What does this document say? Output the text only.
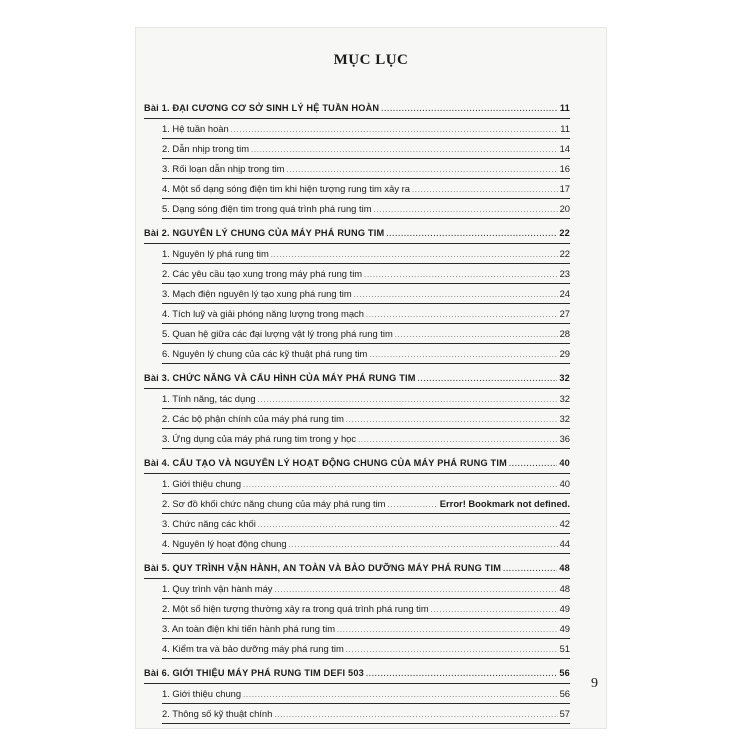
MỤC LỤC
Bài 1. ĐẠI CƯƠNG CƠ SỞ SINH LÝ HỆ TUẦN HOÀN .....	11
1. Hệ tuần hoàn .....	11
2. Dẫn nhịp trong tim .....	14
3. Rối loạn dẫn nhịp trong tim .....	16
4. Một số dạng sóng điện tim khi hiện tượng rung tim xảy ra .....	17
5. Dạng sóng điện tim trong quá trình phá rung tim .....	20
Bài 2. NGUYÊN LÝ CHUNG CỦA MÁY PHÁ RUNG TIM .....	22
1. Nguyên lý phá rung tim .....	22
2. Các yêu cầu tạo xung trong máy phá rung tim .....	23
3. Mạch điện nguyên lý tạo xung phá rung tim .....	24
4. Tích luỹ và giải phóng năng lượng trong mạch .....	27
5. Quan hệ giữa các đại lượng vật lý trong phá rung tim .....	28
6. Nguyên lý chung của các kỹ thuật phá rung tim .....	29
Bài 3. CHỨC NĂNG VÀ CẤU HÌNH CỦA MÁY PHÁ RUNG TIM .....	32
1. Tính năng, tác dụng .....	32
2. Các bộ phận chính của máy phá rung tim .....	32
3. Ứng dụng của máy phá rung tim trong y học .....	36
Bài 4. CẤU TẠO VÀ NGUYÊN LÝ HOẠT ĐỘNG CHUNG CỦA MÁY PHÁ RUNG TIM .....	40
1. Giới thiệu chung .....	40
2. Sơ đồ khối chức năng chung của máy phá rung tim .....	Error! Bookmark not defined.
3. Chức năng các khối .....	42
4. Nguyên lý hoạt động chung .....	44
Bài 5. QUY TRÌNH VẬN HÀNH, AN TOÀN VÀ BẢO DƯỠNG MÁY PHÁ RUNG TIM .....	48
1. Quy trình vận hành máy .....	48
2. Một số hiện tượng thường xảy ra trong quá trình phá rung tim .....	49
3. An toàn điện khi tiến hành phá rung tim .....	49
4. Kiểm tra và bảo dưỡng máy phá rung tim .....	51
Bài 6. GIỚI THIỆU MÁY PHÁ RUNG TIM DEFI 503 .....	56
1. Giới thiệu chung .....	56
2. Thông số kỹ thuật chính .....	57
9
